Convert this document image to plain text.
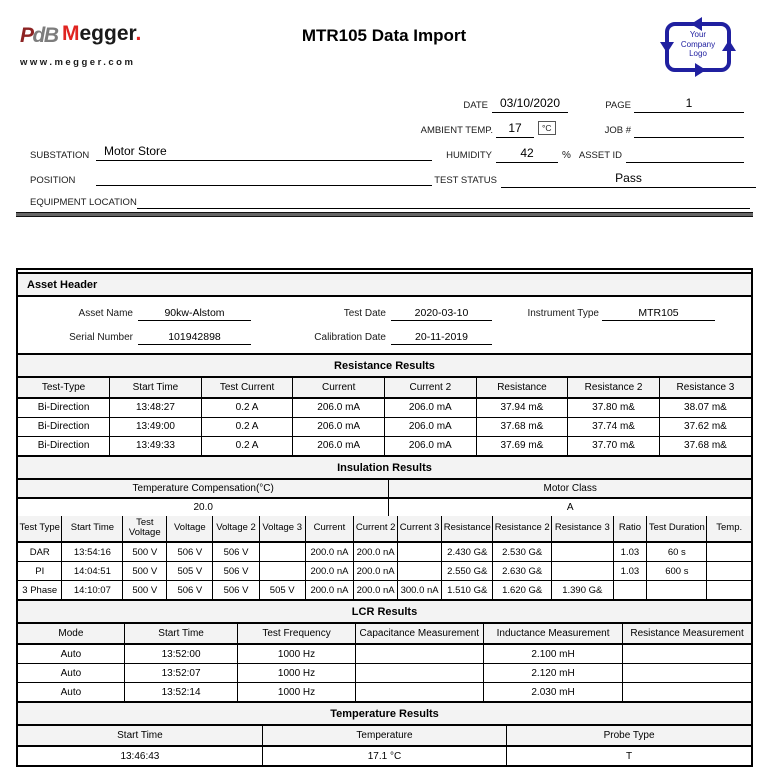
PdB Megger.
www.megger.com
MTR105 Data Import	Your
Company
Logo
DATE 03/10/2020	PAGE	1
AMBIENT TEMP.	17	°C	JOB #
SUBSTATION	Motor Store	HUMIDITY	42	% ASSET ID
POSITION	TEST STATUS	Pass
EQUIPMENT LOCATION
Asset Header
Asset Name	90kw-Alstom	Test Date	2020-03-10	Instrument Type	MTR105
Serial Number	101942898	Calibration Date	20-11-2019
Resistance Results
Test-Type	Start Time	Test Current	Current	Current 2	Resistance	Resistance 2	Resistance 3
Bi-Direction	13:48:27	0.2 A	206.0 mA	206.0 mA	37.94 m&	37.80 m&	38.07 m&
Bi-Direction	13:49:00	0.2 A	206.0 mA	206.0 mA	37.68 m&	37.74 m&	37.62 m&
Bi-Direction	13:49:33	0.2 A	206.0 mA	206.0 mA	37.69 m&	37.70 m&	37.68 m&
Insulation Results
Temperature Compensation(°C)	Motor Class
20.0	A
Test Type	Start Time	Test Voltage	Voltage	Voltage 2	Voltage 3	Current	Current 2	Current 3	Resistance	Resistance 2	Resistance 3	Ratio	Test Duration	Temp.
DAR	13:54:16	500 V	506 V	506 V		200.0 nA	200.0 nA		2.430 G&	2.530 G&		1.03	60 s	
PI	14:04:51	500 V	505 V	506 V		200.0 nA	200.0 nA		2.550 G&	2.630 G&		1.03	600 s	
3 Phase	14:10:07	500 V	506 V	506 V	505 V	200.0 nA	200.0 nA	300.0 nA	1.510 G&	1.620 G&	1.390 G&			
LCR Results
Mode	Start Time	Test Frequency	Capacitance Measurement	Inductance Measurement	Resistance Measurement
Auto	13:52:00	1000 Hz		2.100 mH	
Auto	13:52:07	1000 Hz		2.120 mH	
Auto	13:52:14	1000 Hz		2.030 mH	
Temperature Results
Start Time	Temperature	Probe Type
13:46:43	17.1 °C	T
